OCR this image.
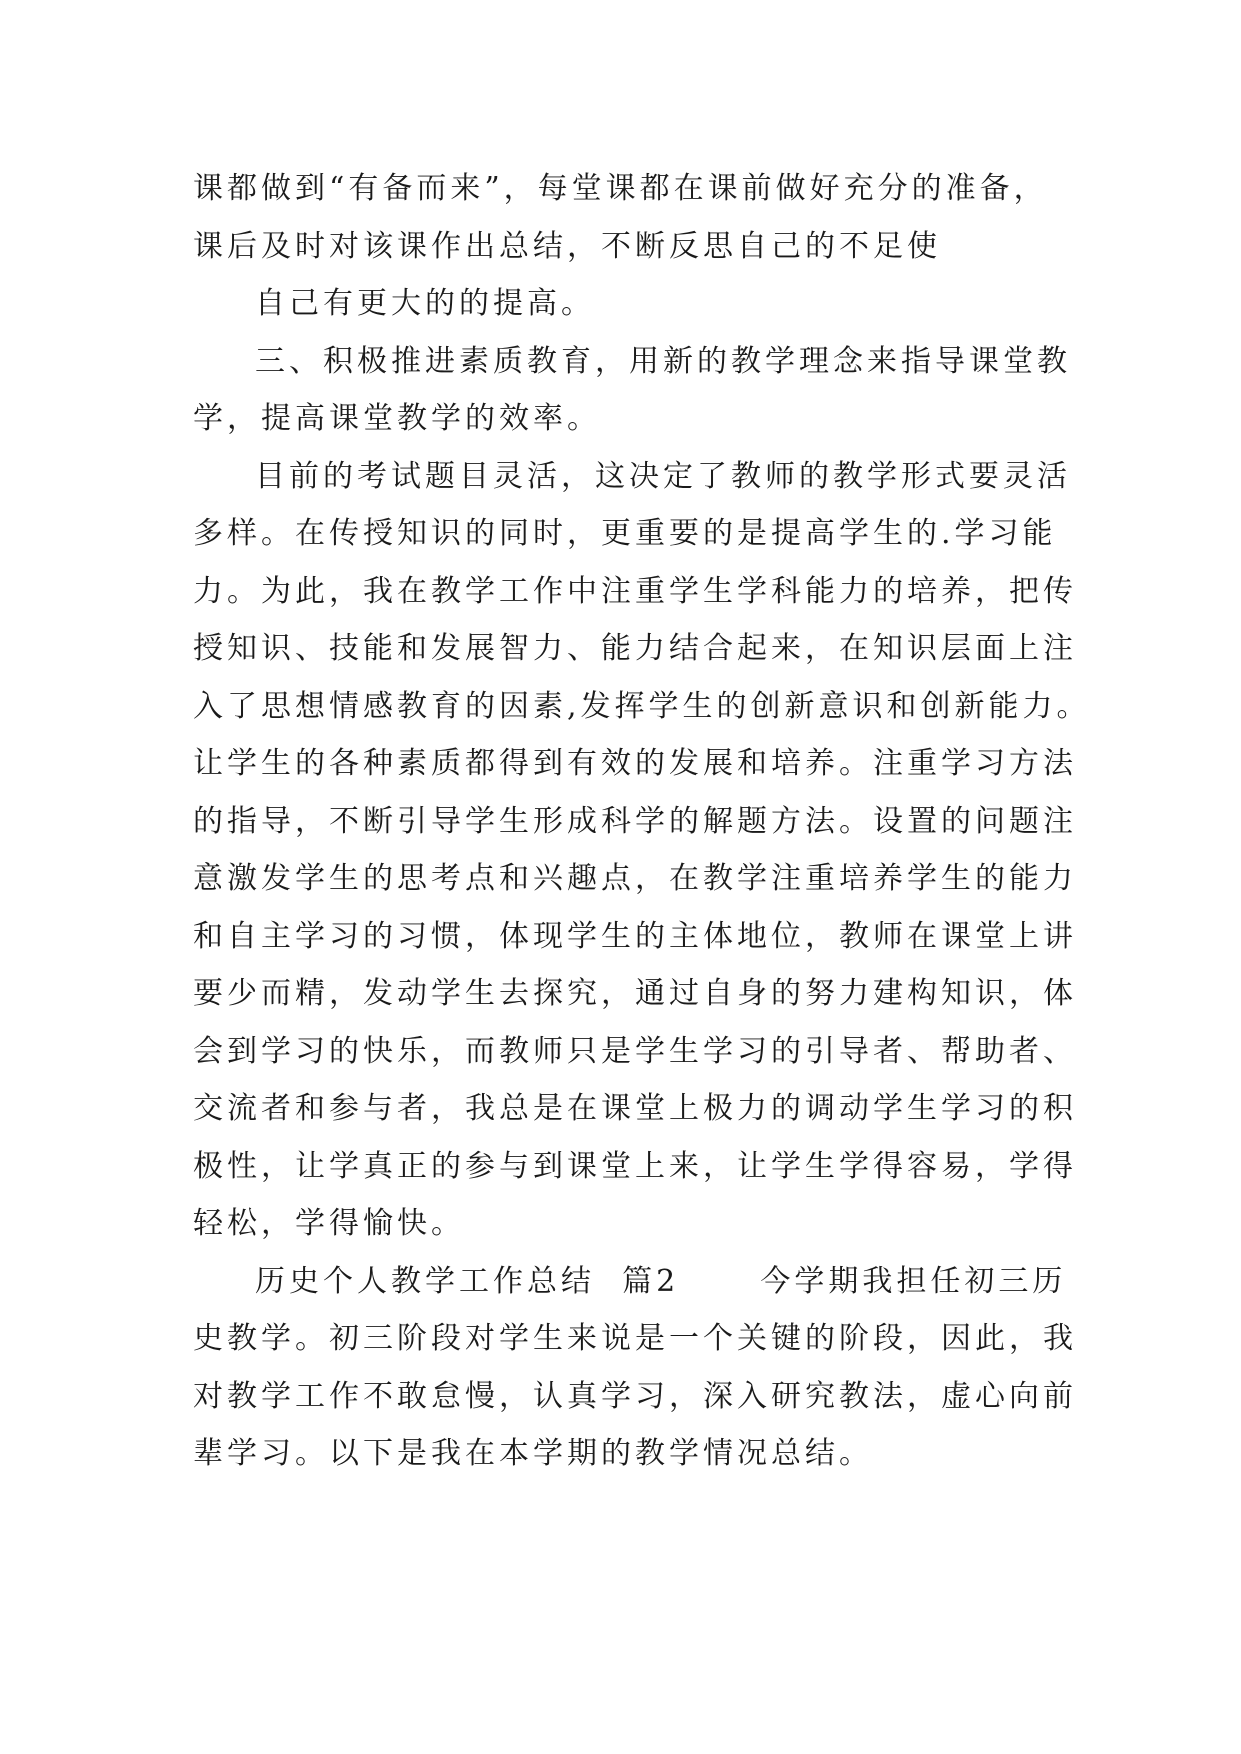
课都做到“有备而来”，每堂课都在课前做好充分的准备，
课后及时对该课作出总结，不断反思自己的不足使
自己有更大的的提高。
三、积极推进素质教育，用新的教学理念来指导课堂教
学，提高课堂教学的效率。
目前的考试题目灵活，这决定了教师的教学形式要灵活
多样。在传授知识的同时，更重要的是提高学生的.学习能
力。为此，我在教学工作中注重学生学科能力的培养，把传
授知识、技能和发展智力、能力结合起来，在知识层面上注
入了思想情感教育的因素,发挥学生的创新意识和创新能力。
让学生的各种素质都得到有效的发展和培养。注重学习方法
的指导，不断引导学生形成科学的解题方法。设置的问题注
意激发学生的思考点和兴趣点，在教学注重培养学生的能力
和自主学习的习惯，体现学生的主体地位，教师在课堂上讲
要少而精，发动学生去探究，通过自身的努力建构知识，体
会到学习的快乐，而教师只是学生学习的引导者、帮助者、
交流者和参与者，我总是在课堂上极力的调动学生学习的积
极性，让学真正的参与到课堂上来，让学生学得容易，学得
轻松，学得愉快。
历史个人教学工作总结  篇2      今学期我担任初三历
史教学。初三阶段对学生来说是一个关键的阶段，因此，我
对教学工作不敢怠慢，认真学习，深入研究教法，虚心向前
辈学习。以下是我在本学期的教学情况总结。
